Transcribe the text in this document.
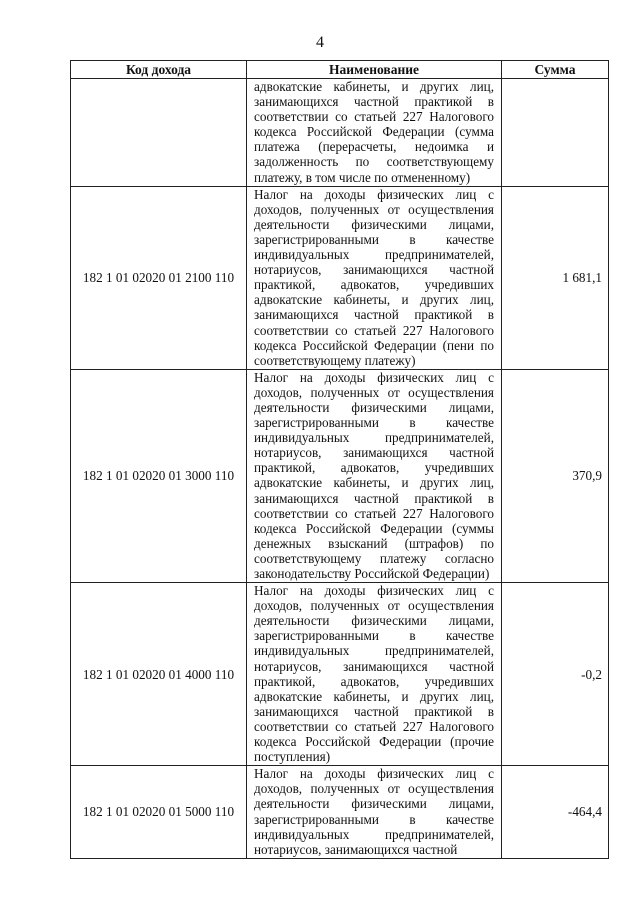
4
Код дохода	Наименование	Сумма
	адвокатские кабинеты, и других лиц, занимающихся частной практикой в соответствии со статьей 227 Налогового кодекса Российской Федерации (сумма платежа (перерасчеты, недоимка и задолженность по соответствующему платежу, в том числе по отмененному)	
182 1 01 02020 01 2100 110	Налог на доходы физических лиц с доходов, полученных от осуществления деятельности физическими лицами, зарегистрированными в качестве индивидуальных предпринимателей, нотариусов, занимающихся частной практикой, адвокатов, учредивших адвокатские кабинеты, и других лиц, занимающихся частной практикой в соответствии со статьей 227 Налогового кодекса Российской Федерации (пени по соответствующему платежу)	1 681,1
182 1 01 02020 01 3000 110	Налог на доходы физических лиц с доходов, полученных от осуществления деятельности физическими лицами, зарегистрированными в качестве индивидуальных предпринимателей, нотариусов, занимающихся частной практикой, адвокатов, учредивших адвокатские кабинеты, и других лиц, занимающихся частной практикой в соответствии со статьей 227 Налогового кодекса Российской Федерации (суммы денежных взысканий (штрафов) по соответствующему платежу согласно законодательству Российской Федерации)	370,9
182 1 01 02020 01 4000 110	Налог на доходы физических лиц с доходов, полученных от осуществления деятельности физическими лицами, зарегистрированными в качестве индивидуальных предпринимателей, нотариусов, занимающихся частной практикой, адвокатов, учредивших адвокатские кабинеты, и других лиц, занимающихся частной практикой в соответствии со статьей 227 Налогового кодекса Российской Федерации (прочие поступления)	-0,2
182 1 01 02020 01 5000 110	Налог на доходы физических лиц с доходов, полученных от осуществления деятельности физическими лицами, зарегистрированными в качестве индивидуальных предпринимателей, нотариусов, занимающихся частной	-464,4
